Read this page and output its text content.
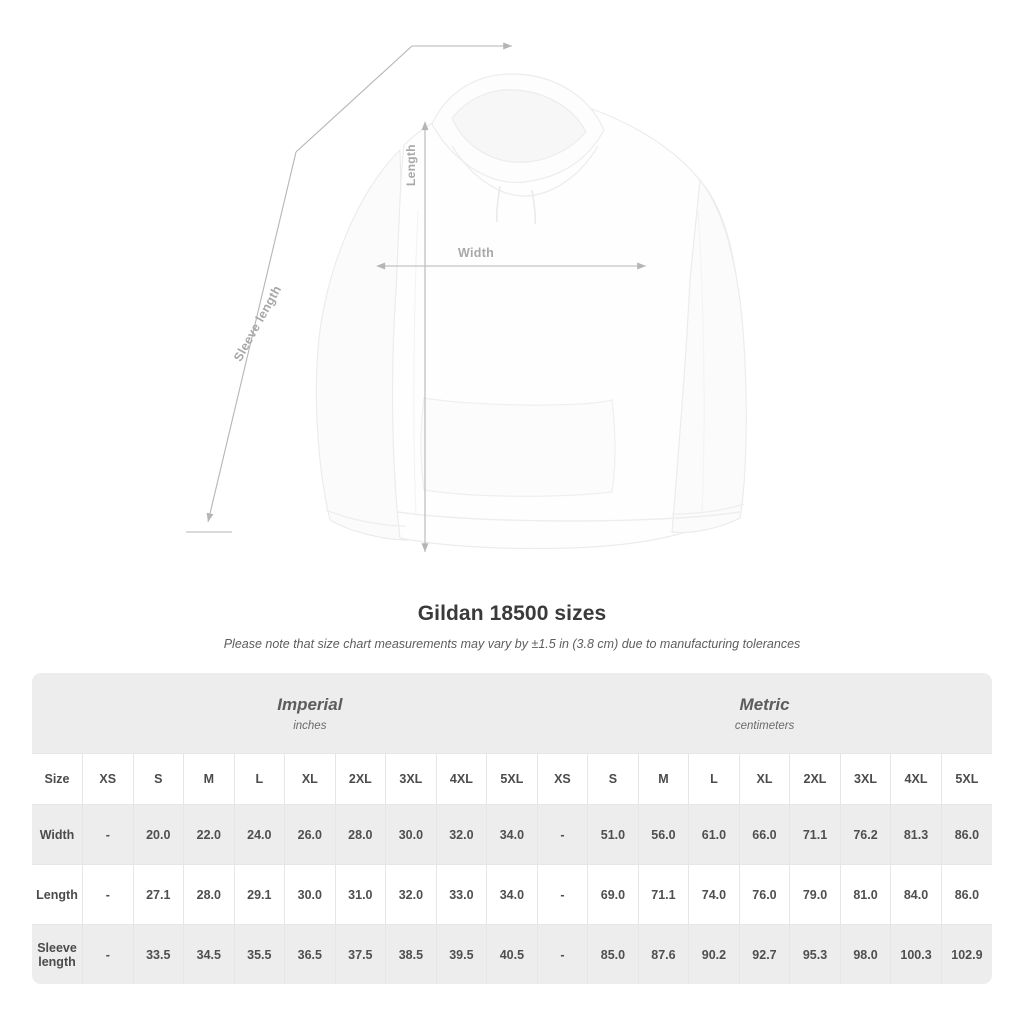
Width
Length
Sleeve length
Gildan 18500 sizes
Please note that size chart measurements may vary by ±1.5 in (3.8 cm) due to manufacturing tolerances

Imperial
inches

Metric
centimeters

Size	XS	S	M	L	XL	2XL	3XL	4XL	5XL	XS	S	M	L	XL	2XL	3XL	4XL	5XL
Width	-	20.0	22.0	24.0	26.0	28.0	30.0	32.0	34.0	-	51.0	56.0	61.0	66.0	71.1	76.2	81.3	86.0
Length	-	27.1	28.0	29.1	30.0	31.0	32.0	33.0	34.0	-	69.0	71.1	74.0	76.0	79.0	81.0	84.0	86.0
Sleeve length	-	33.5	34.5	35.5	36.5	37.5	38.5	39.5	40.5	-	85.0	87.6	90.2	92.7	95.3	98.0	100.3	102.9
